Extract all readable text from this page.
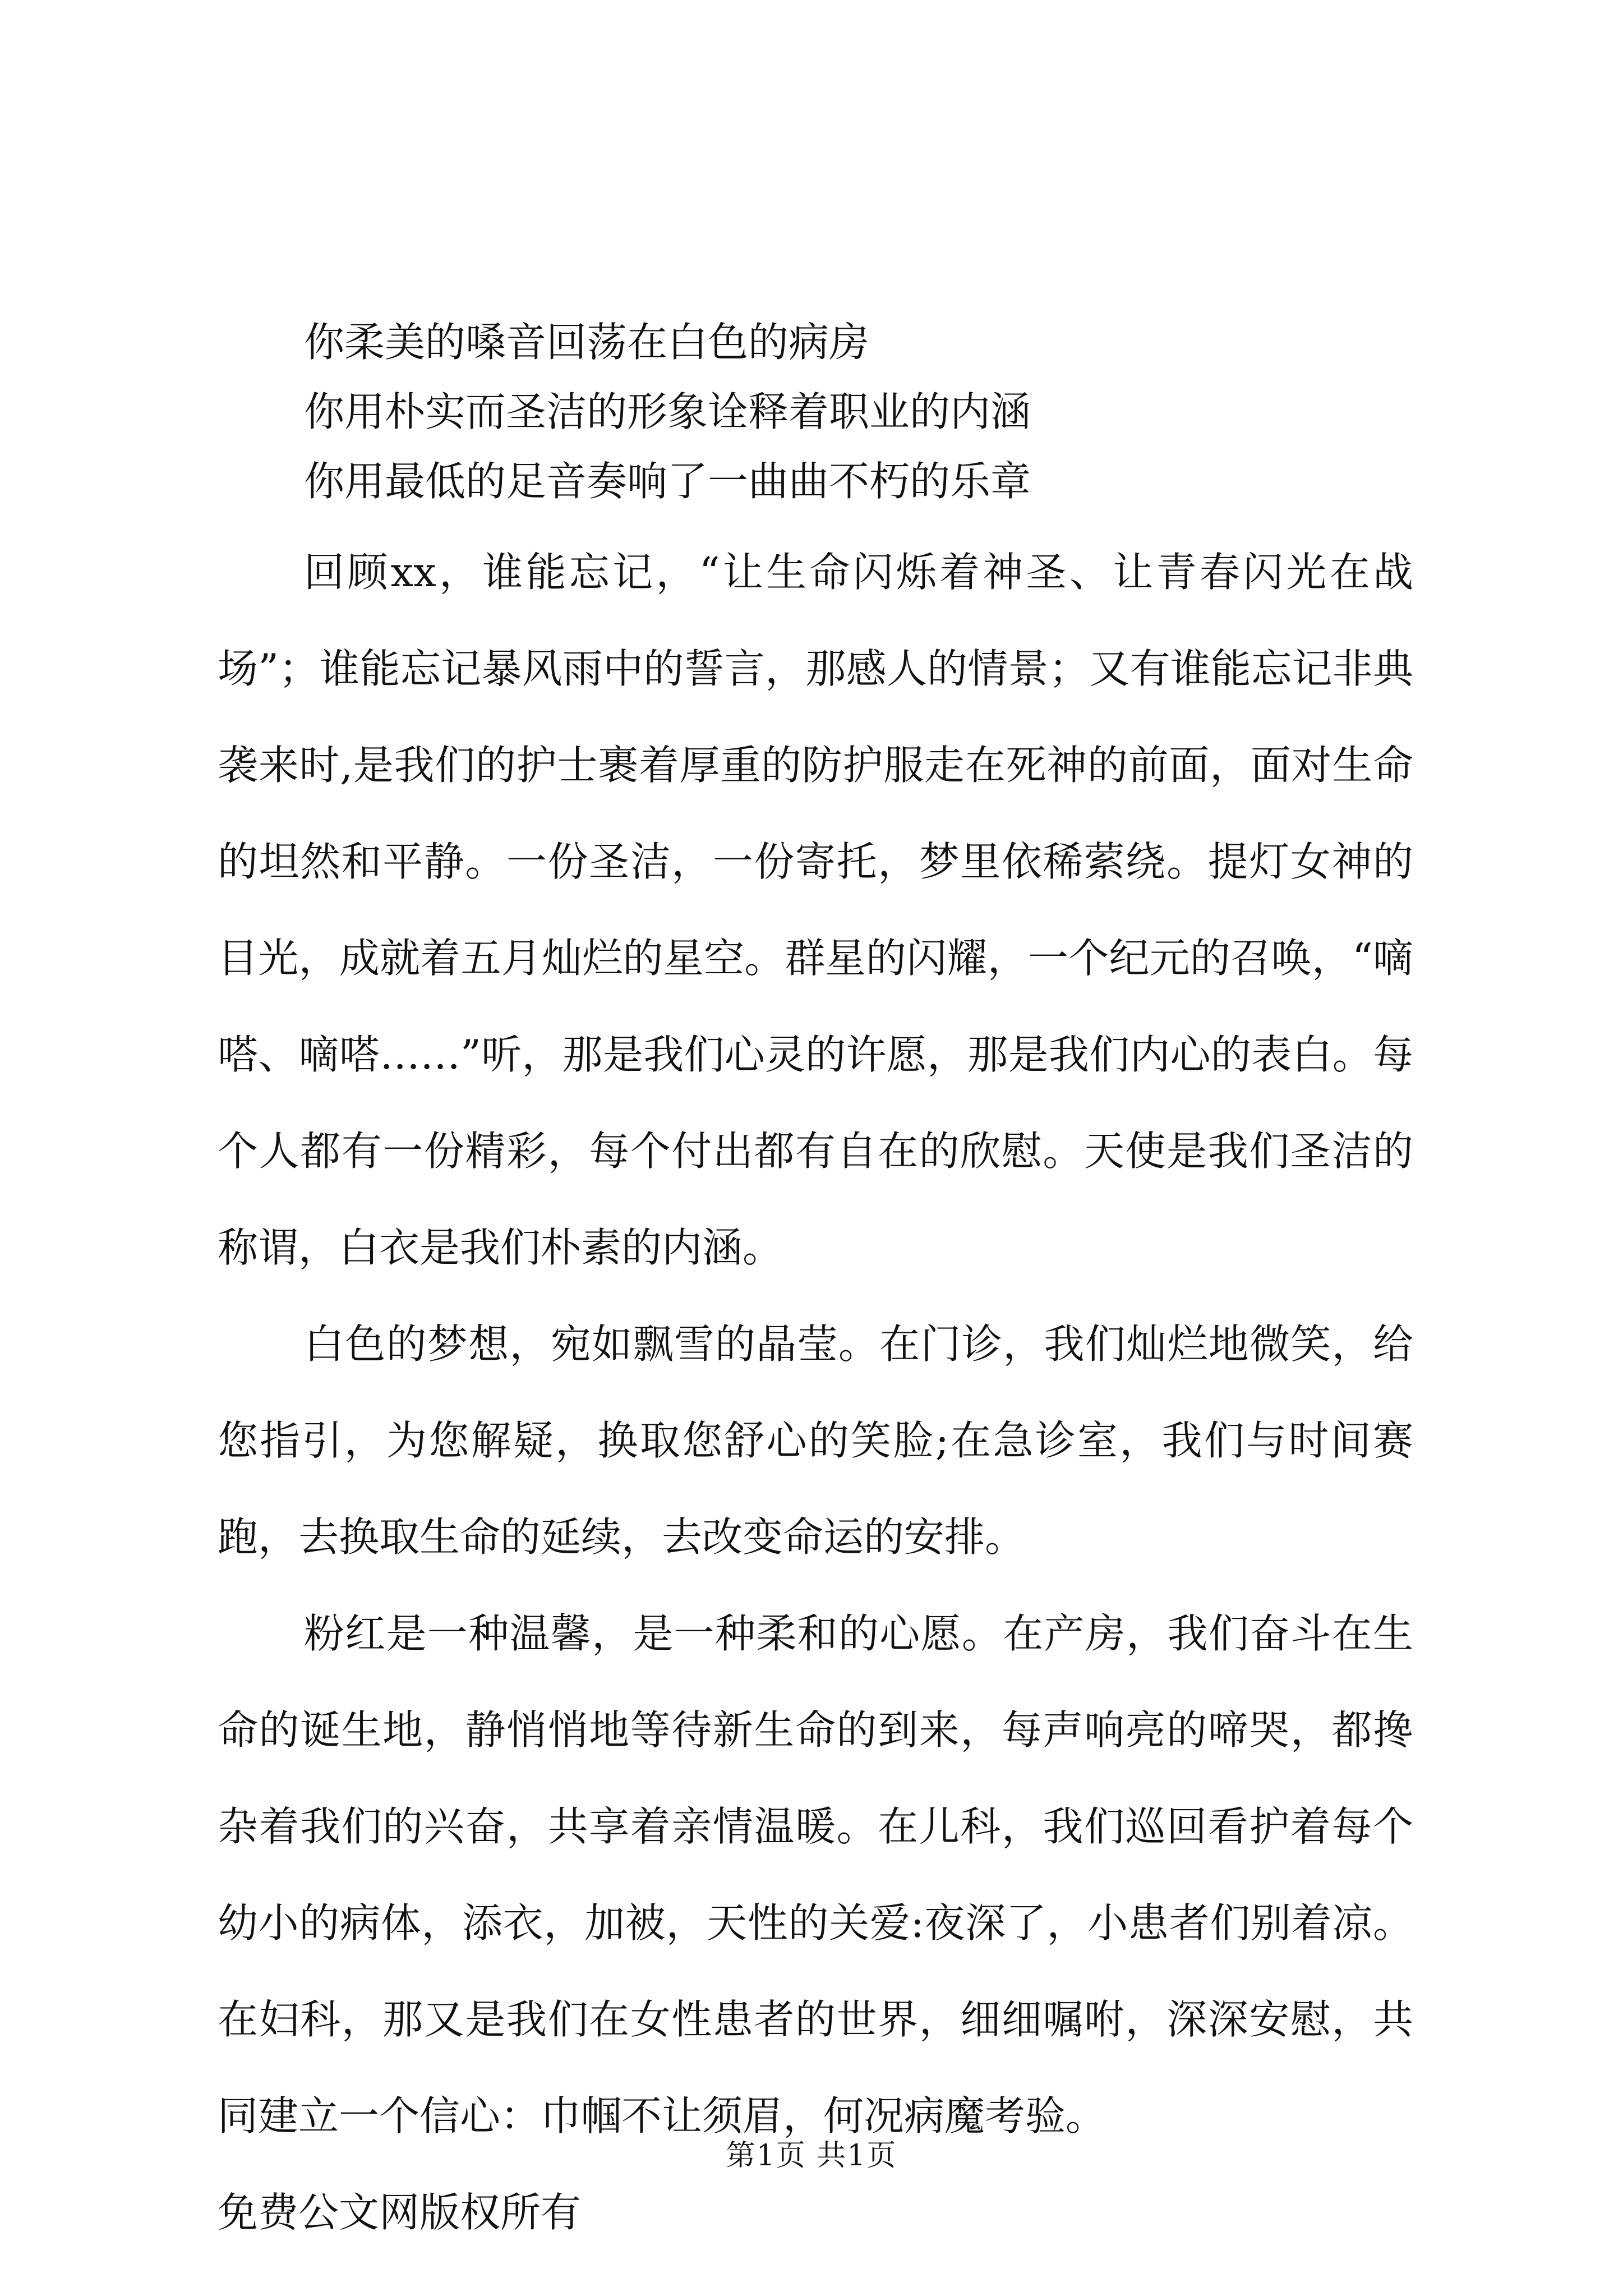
你柔美的嗓音回荡在白色的病房

你用朴实而圣洁的形象诠释着职业的内涵

你用最低的足音奏响了一曲曲不朽的乐章

回顾xx，谁能忘记，“让生命闪烁着神圣、让青春闪光在战场”；谁能忘记暴风雨中的誓言，那感人的情景；又有谁能忘记非典袭来时,是我们的护士裹着厚重的防护服走在死神的前面，面对生命的坦然和平静。一份圣洁，一份寄托，梦里依稀萦绕。提灯女神的目光，成就着五月灿烂的星空。群星的闪耀，一个纪元的召唤，“嘀嗒、嘀嗒……”听，那是我们心灵的许愿，那是我们内心的表白。每个人都有一份精彩，每个付出都有自在的欣慰。天使是我们圣洁的称谓，白衣是我们朴素的内涵。

白色的梦想，宛如飘雪的晶莹。在门诊，我们灿烂地微笑，给您指引，为您解疑，换取您舒心的笑脸;在急诊室，我们与时间赛跑，去换取生命的延续，去改变命运的安排。

粉红是一种温馨，是一种柔和的心愿。在产房，我们奋斗在生命的诞生地，静悄悄地等待新生命的到来，每声响亮的啼哭，都搀杂着我们的兴奋，共享着亲情温暖。在儿科，我们巡回看护着每个幼小的病体，添衣，加被，天性的关爱:夜深了，小患者们别着凉。在妇科，那又是我们在女性患者的世界，细细嘱咐，深深安慰，共同建立一个信心：巾帼不让须眉，何况病魔考验。

免费公文网版权所有

第1页 共1页
